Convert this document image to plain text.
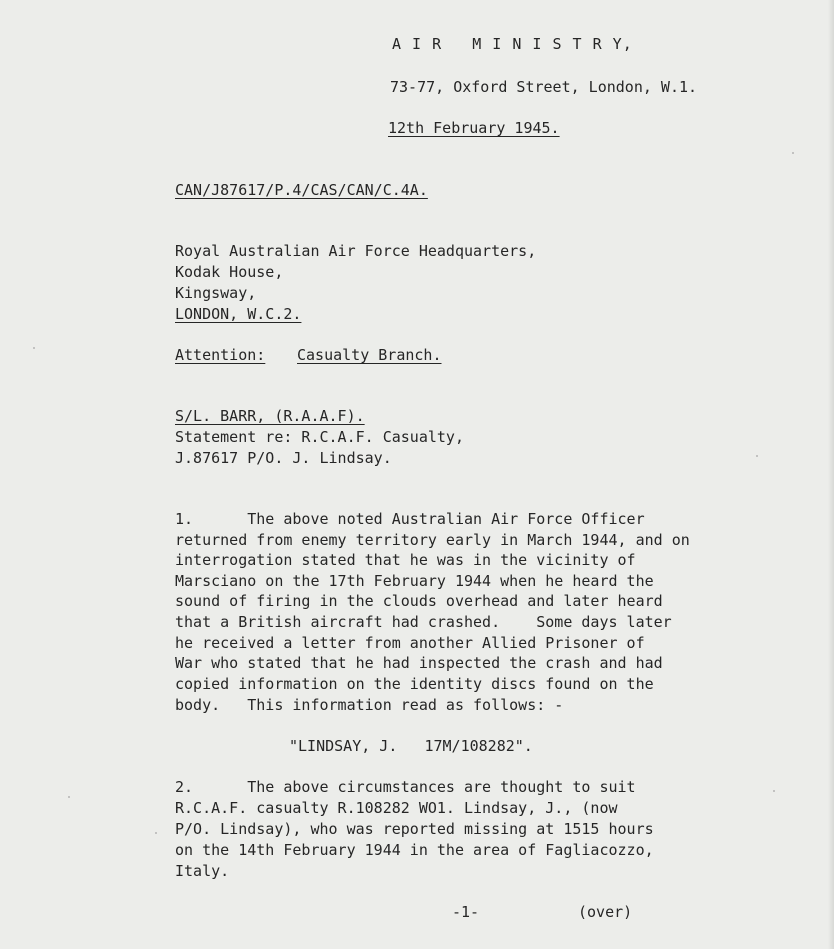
A I R   M I N I S T R Y,
73-77, Oxford Street, London, W.1.
12th February 1945.
CAN/J87617/P.4/CAS/CAN/C.4A.
Royal Australian Air Force Headquarters,
Kodak House,
Kingsway,
LONDON, W.C.2.
Attention: Casualty Branch.
S/L. BARR, (R.A.A.F).
Statement re: R.C.A.F. Casualty,
J.87617 P/O. J. Lindsay.
1.      The above noted Australian Air Force Officer
returned from enemy territory early in March 1944, and on
interrogation stated that he was in the vicinity of
Marsciano on the 17th February 1944 when he heard the
sound of firing in the clouds overhead and later heard
that a British aircraft had crashed.    Some days later
he received a letter from another Allied Prisoner of
War who stated that he had inspected the crash and had
copied information on the identity discs found on the
body.   This information read as follows: -
"LINDSAY, J.   17M/108282".
2.      The above circumstances are thought to suit
R.C.A.F. casualty R.108282 WO1. Lindsay, J., (now
P/O. Lindsay), who was reported missing at 1515 hours
on the 14th February 1944 in the area of Fagliacozzo,
Italy.
-1-	(over)
